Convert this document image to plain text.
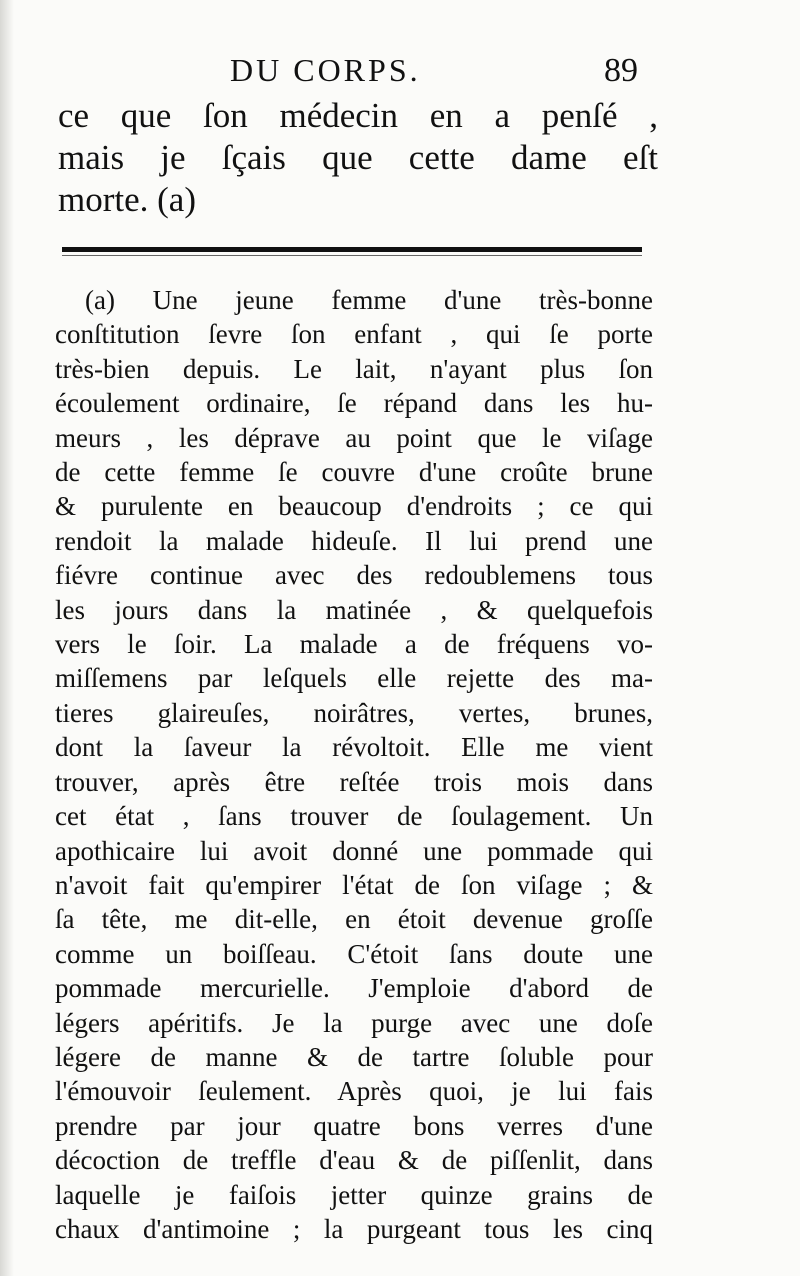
DU CORPS.	89
ce que ſon médecin en a penſé ,
mais je ſçais que cette dame eſt
morte. (a)
(a) Une jeune femme d'une très-bonne
conſtitution ſevre ſon enfant , qui ſe porte
très-bien depuis. Le lait, n'ayant plus ſon
écoulement ordinaire, ſe répand dans les hu-
meurs , les déprave au point que le viſage
de cette femme ſe couvre d'une croûte brune
& purulente en beaucoup d'endroits ; ce qui
rendoit la malade hideuſe. Il lui prend une
fiévre continue avec des redoublemens tous
les jours dans la matinée , & quelquefois
vers le ſoir. La malade a de fréquens vo-
miſſemens par leſquels elle rejette des ma-
tieres glaireuſes, noirâtres, vertes, brunes,
dont la ſaveur la révoltoit. Elle me vient
trouver, après être reſtée trois mois dans
cet état , ſans trouver de ſoulagement. Un
apothicaire lui avoit donné une pommade qui
n'avoit fait qu'empirer l'état de ſon viſage ; &
ſa tête, me dit-elle, en étoit devenue groſſe
comme un boiſſeau. C'étoit ſans doute une
pommade mercurielle. J'emploie d'abord de
légers apéritifs. Je la purge avec une doſe
légere de manne & de tartre ſoluble pour
l'émouvoir ſeulement. Après quoi, je lui fais
prendre par jour quatre bons verres d'une
décoction de treffle d'eau & de piſſenlit, dans
laquelle je faiſois jetter quinze grains de
chaux d'antimoine ; la purgeant tous les cinq
